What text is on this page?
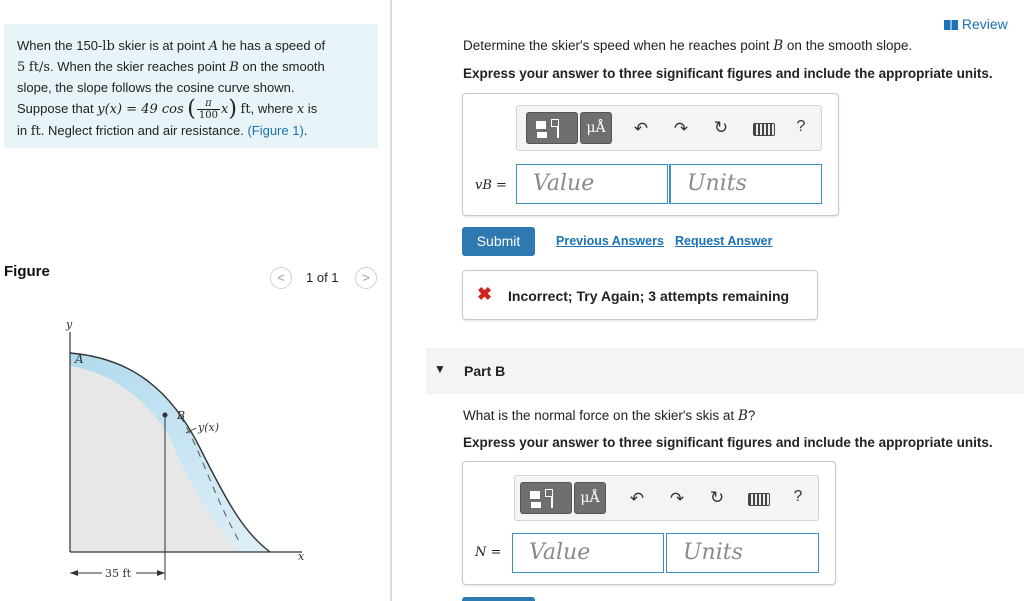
When the 150-lb skier is at point A he has a speed of
5 ft/s. When the skier reaches point B on the smooth
slope, the slope follows the cosine curve shown.
Suppose that y(x) = 49 cos ( $\frac{\pi}{100} x$) ft, where x is
in ft. Neglect friction and air resistance. (Figure 1).
Figure	<	1 of 1	>
y
A
B
y(x)
x
35 ft
Review
Determine the skier's speed when he reaches point B on the smooth slope.
Express your answer to three significant figures and include the appropriate units.
μÅ	↶ ↷ ↻	?
vB =	Value	Units
Submit	Previous Answers Request Answer
✖ Incorrect; Try Again; 3 attempts remaining
▼ Part B
What is the normal force on the skier's skis at B?
Express your answer to three significant figures and include the appropriate units.
μÅ	↶ ↷ ↻	?
N =	Value	Units
